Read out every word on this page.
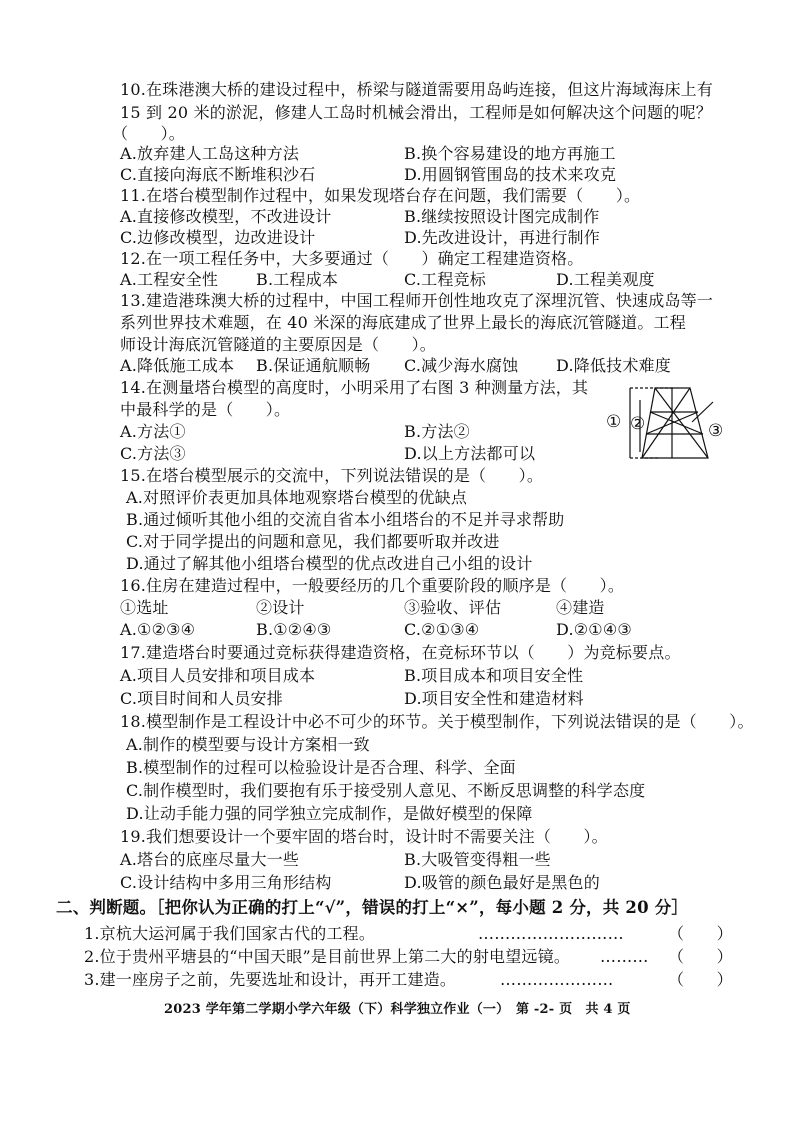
10.在珠港澳大桥的建设过程中，桥梁与隧道需要用岛屿连接，但这片海域海床上有
15 到 20 米的淤泥，修建人工岛时机械会滑出，工程师是如何解决这个问题的呢？
（　　）。
A.放弃建人工岛这种方法	B.换个容易建设的地方再施工
C.直接向海底不断堆积沙石	D.用圆钢管围岛的技术来攻克
11.在塔台模型制作过程中，如果发现塔台存在问题，我们需要（　　）。
A.直接修改模型，不改进设计	B.继续按照设计图完成制作
C.边修改模型，边改进设计	D.先改进设计，再进行制作
12.在一项工程任务中，大多要通过（　　）确定工程建造资格。
A.工程安全性 B.工程成本	C.工程竞标	D.工程美观度
13.建造港珠澳大桥的过程中，中国工程师开创性地攻克了深埋沉管、快速成岛等一
系列世界技术难题，在 40 米深的海底建成了世界上最长的海底沉管隧道。工程
师设计海底沉管隧道的主要原因是（　　）。
A.降低施工成本 B.保证通航顺畅 C.减少海水腐蚀 D.降低技术难度
14.在测量塔台模型的高度时，小明采用了右图 3 种测量方法，其
中最科学的是（　　）。
A.方法①	B.方法②
C.方法③	D.以上方法都可以
① ②	③
15.在塔台模型展示的交流中，下列说法错误的是（　　）。
A.对照评价表更加具体地观察塔台模型的优缺点
B.通过倾听其他小组的交流自省本小组塔台的不足并寻求帮助
C.对于同学提出的问题和意见，我们都要听取并改进
D.通过了解其他小组塔台模型的优点改进自己小组的设计
16.住房在建造过程中，一般要经历的几个重要阶段的顺序是（　　）。
①选址	②设计	③验收、评估	④建造
A.①②③④	B.①②④③	C.②①③④	D.②①④③
17.建造塔台时要通过竞标获得建造资格，在竞标环节以（　　）为竞标要点。
A.项目人员安排和项目成本	B.项目成本和项目安全性
C.项目时间和人员安排	D.项目安全性和建造材料
18.模型制作是工程设计中必不可少的环节。关于模型制作，下列说法错误的是（　　）。
A.制作的模型要与设计方案相一致
B.模型制作的过程可以检验设计是否合理、科学、全面
C.制作模型时，我们要抱有乐于接受别人意见、不断反思调整的科学态度
D.让动手能力强的同学独立完成制作，是做好模型的保障
19.我们想要设计一个要牢固的塔台时，设计时不需要关注（　　）。
A.塔台的底座尽量大一些	B.大吸管变得粗一些
C.设计结构中多用三角形结构	D.吸管的颜色最好是黑色的
二、判断题。［把你认为正确的打上“√”，错误的打上“×”，每小题 2 分，共 20 分］
1.京杭大运河属于我们国家古代的工程。	………………………	（　　）
2.位于贵州平塘县的“中国天眼”是目前世界上第二大的射电望远镜。 ……… （　　）
3.建一座房子之前，先要选址和设计，再开工建造。	…………………	（　　）
2023 学年第二学期小学六年级（下）科学独立作业（一）　第 -2- 页　共 4 页
